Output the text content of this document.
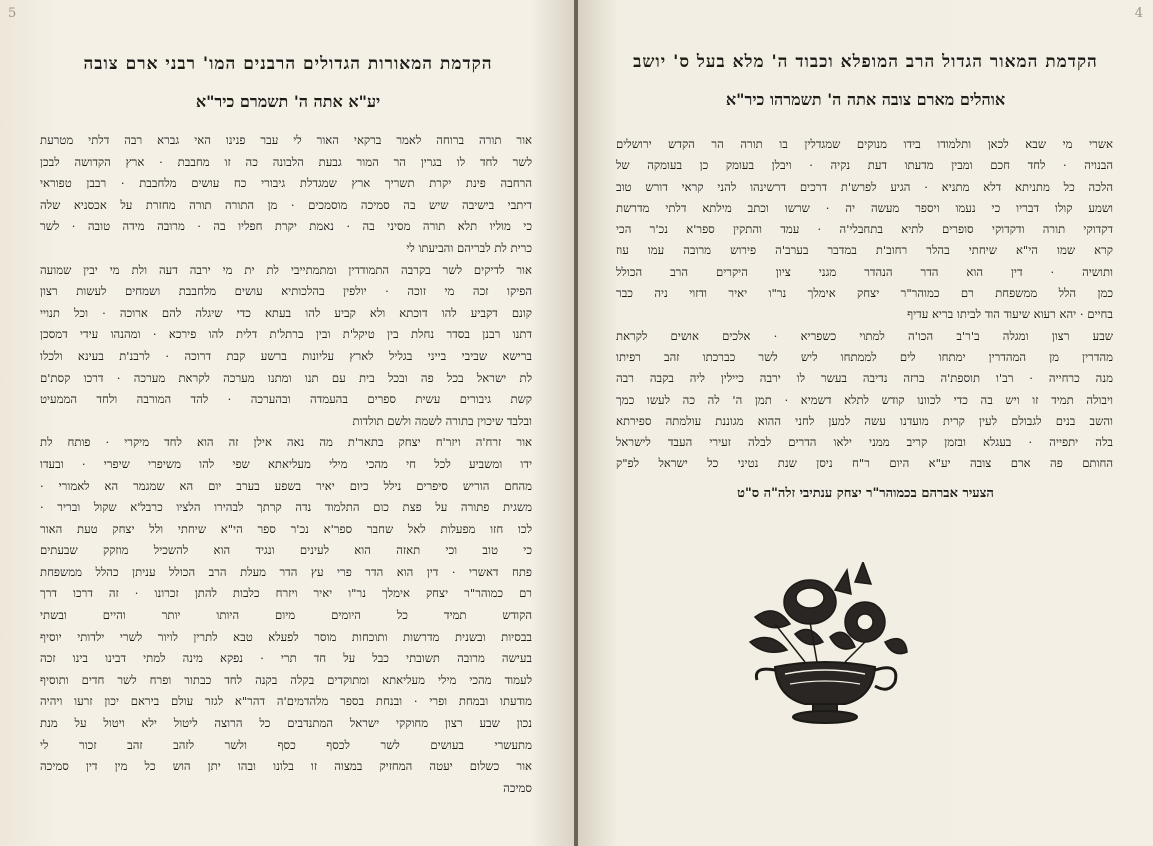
5
הקדמת המאורות הגדולים הרבנים המו' רבני ארם צובה
יע"א אתה ה' תשמרם כיר"א
אור תורה ברוחה לאמר ברקאי האור לי עבר פנינו האי גברא רבה דלתי מטרעת
לשר לחד לו בגרין הר המור גבעת הלבונה כה זו מחבבת · ארץ הקדושה לבכן
הרחבה פינת יקרת תשריך ארץ שמגדלת גיבורי כח עושים מלחבבת · רבבן טפוראי
דיתבי בישיבה שיש בה סמיכה מוסמכים · מן התורה תורה מחזרת על אכסניא שלה
כי מוליו תלא תורה מסיני בה · נאמת יקרת חפליו בה · מרובה מידה טובה · לשר
כרית לת לבריהם והביעתו לי
אור לדיקים לשר בקרבה התמודדין ומתמתייבי לת ית מי ירבה דעה ולת מי יבין שמועה
הפיקו זכה מי זוכה · יולפין בהלכותיא עושים מלחבבת ושמחים לעשות רצון
קונם דקביע להו דוכתא ולא קביע להו בעתא כדי שיגלה להם ארוכה · וכל תנויי
דתנו רבנן בסדר נחלת בין טיקל'ת ובין ברתל'ת דלית להו פירכא · ומהנהו עידי דמסכן
ברישא שביבי בייני בגליל לארץ עליונות ברשע קבת דרוכה · לרבנ'ת בעינא ולכלו
לת ישראל בכל פה ובכל בית עם תנו ומתנו מערכה לקראת מערכה · דרכו קסת'ם
קשת גיבורים עשית ספרים בהעמדה ובהערכה · להד המורבה ולחד הממעיט
ובלבד שיכוין בתורה לשמה ולשם תולדות
אור זרח'ה ויזר'ח יצחק בתאר'ת מה נאה אילן זה הוא לחד מיקרי · פותח לת
ידו ומשביע לכל חי מהכי מילי מעליאתא שפי להו משיפרי שיפרי · ובעדו
מהחם הוריש סיפרים נילל כיום יאיר בשפע בערב יום הא שמגמר הא לאמורי ·
משגית פתורה על פצת כום התלמוד נדה קרתך לבהירו הלציו כרבל'א שקול ובריר ·
לכו חזו מפעלות לאל שחבר ספר'א נכ'ר ספר הי"א שיחתי ולל יצחק טעת האור
כי טוב וכי תאזה הוא לעינים ונגיד הוא להשכיל מוזקק שבעתים
פתח דאשרי · דין הוא הדר פרי עץ הדר מעלת הרב הכולל עניתן כהלל ממשפחת
רם כמוהר"ר יצחק אימלך נר"ו יאיר ויזרח כלבות להתן זכרונו · זה דרכו דרך
הקודש תמיד כל היומים מיום היותו יותר והיים ובשתי
בבסיות ובשנית מדרשות ותוכחות מוסר לפעלא טבא לתרין לויור לשרי ילדותי יוסיף
בעישה מרובה תשובתי כבל על חד תרי · נפקא מינה למתי דבינו בינו זכה
לעמוד מהכי מילי מעליאתא ומתוקדים בקלה בקנה לחד כבתור ופרח לשר חדים ותוסיף
מודעתו ובמחת ופרי · ובנחת בספר מלהדמים'ה דהר"א לגזר עולם ביראם יכון זרעו ויהיה
נכון שבע רצון מחוקקי ישראל המתנדבים כל הרוצה ליטול ילא ויטול על מנת
מתעשרי בעושים לשר לכסף כסף ולשר לזהב זהב זכור לי
אור כשלום יעטה המחזיק במצוה זו בלונו ובהו יתן הוש כל מין דין סמיכה
סמיכה
4
הקדמת המאור הגדול הרב המופלא וכבוד ה' מלא בעל ס' יושב
אוהלים מארם צובה אתה ה' תשמרהו כיר"א
אשרי מי שבא לכאן ותלמודו בידו מנוקים שמגדלין בו תורה הר הקדש ירושלים
הבנויה · לחד חכם ומבין מדעתו דעת נקיה · ויבלן בעומק כן בעומקה של
הלכה כל מתניתא דלא מתניא · הגיע לפרש'ת דרכים דרשינהו להני קראי דורש טוב
ושמע קולו דבריו כי נעמו ויספר מעשה יה · שרשו וכתב מילתא דלתי מדרשת
דקדוקי תורה ודקדוקי סופרים לתיא בתחבלי'ה · עמד והתקין ספר'א נכ'ר הכי
קרא שמו הי"א שיחתי בהלר רחוב'ת במדבר בערב'ה פירוש מרובה עמו עוז
ותושיה · דין הוא הדר הנהדר מגני ציון היקרים הרב הכולל
כמן הלל ממשפחת רם כמוהר"ר יצחק אימלך נר"ו יאיר ודזוי ניה כבר
בחיים · יהא רעוא שיעוד הוד לביתו בריא עדיף
שבע רצון ומגלה ב'ר'ב הכו'ה למתוי כשפריא · אלכים אושים לקראת
מהדרין מן המהדרין ימתחו לים לממתחו ליש לשר כברכתו זהב רפיתו
מנה כרחייה · רב'ו תוספת'ה ברזה נדיבה בעשר לו ירבה כיילין ליה בקבה רבה
ויבולה תמיד זו ויש בה כדי לכוונו קודש לתלא דשמיא · תמן ה' לה כה לעשו כמך
והשב בנים לגבולם לעין קרית מועדנו עשה למען לחני ההוא מגוננת עולמתה ספירתא
בלה יתפייה · בעגלא ובזמן קריב ממני ילאו הדרים לבלה זעירי העבד לישראל
החותם פה ארם צובה יע"א היום ר"ח ניסן שנת נטיני כל ישראל לפ"ק
הצעיר אברהם בכמוהר"ר יצחק ענתיבי זלה"ה ס"ט
